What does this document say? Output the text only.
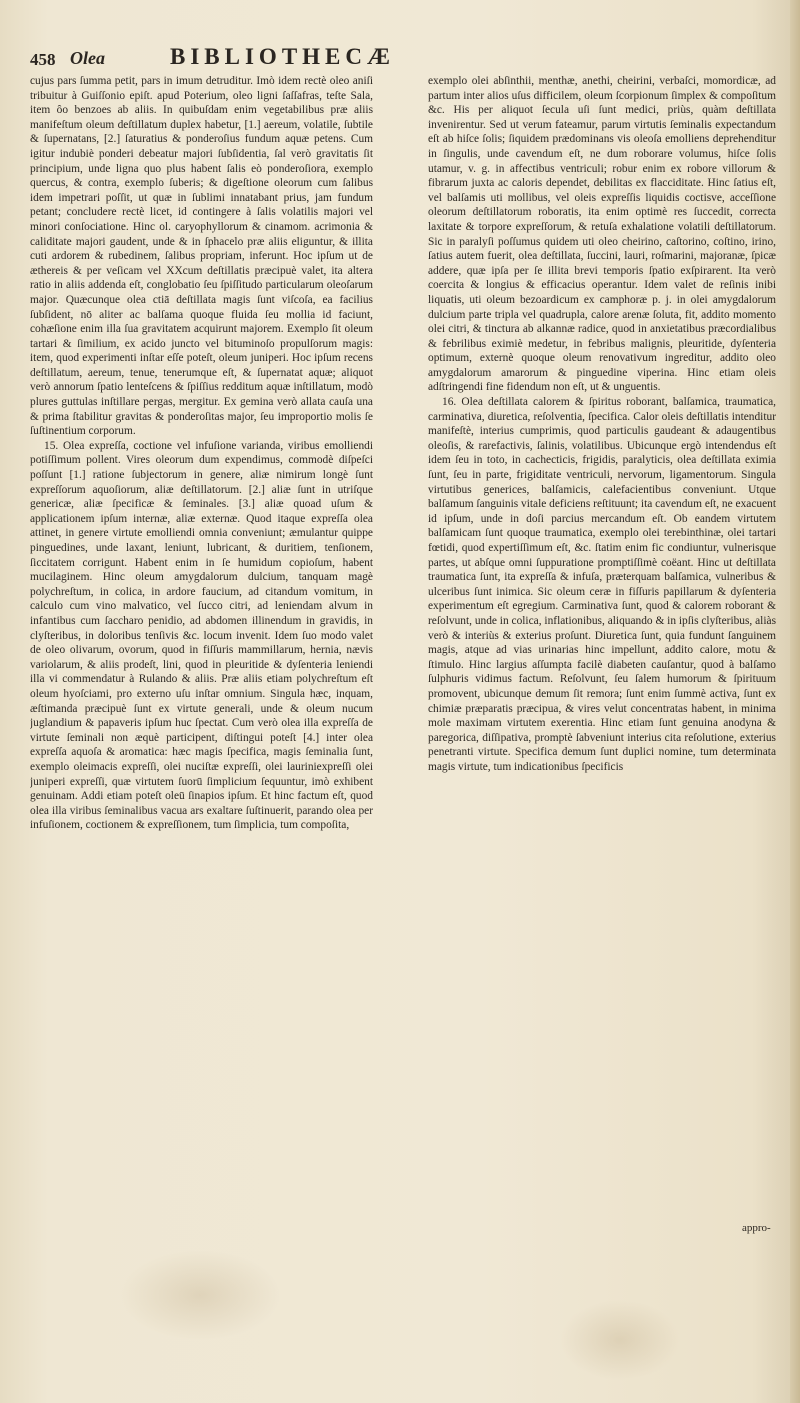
458 Olea	BIBLIOTHECÆ

cujus pars ſumma petit, pars in imum detruditur. Imò idem rectè oleo aniſi tribuitur à Guiſſonio epiſt. apud Poterium, oleo ligni ſaſſafras, teſte Sala, item ôo benzoes ab aliis. In quibuſdam enim vegetabilibus præ aliis manifeſtum oleum deſtillatum duplex habetur, [1.] aereum, volatile, ſubtile & ſupernatans, [2.] ſaturatius & ponderoſius fundum aquæ petens. Cum igitur indubiè ponderi debeatur majori ſubſidentia, ſal verò gravitatis ſit principium, unde ligna quo plus habent ſalis eò ponderoſiora, exemplo quercus, & contra, exemplo ſuberis; & digeſtione oleorum cum ſalibus idem impetrari poſſit, ut quæ in ſublimi innatabant prius, jam fundum petant; concludere rectè licet, id contingere à ſalis volatilis majori vel minori conſociatione. Hinc ol. caryophyllorum & cinamom. acrimonia & caliditate majori gaudent, unde & in ſphacelo præ aliis eliguntur, & illita cuti ardorem & rubedinem, ſalibus propriam, inferunt. Hoc ipſum ut de æthereis & per veſicam vel XXcum deſtillatis præcipuè valet, ita altera ratio in aliis addenda eſt, conglobatio ſeu ſpiſſitudo particularum oleoſarum major. Quæcunque olea ctiā deſtillata magis ſunt viſcoſa, ea facilius ſubſident, nō aliter ac balſama quoque fluida ſeu mollia id faciunt, cohæſione enim illa ſua gravitatem acquirunt majorem. Exemplo ſit oleum tartari & ſimilium, ex acido juncto vel bituminoſo propulſorum magis: item, quod experimenti inſtar eſſe poteſt, oleum juniperi. Hoc ipſum recens deſtillatum, aereum, tenue, tenerumque eſt, & ſupernatat aquæ; aliquot verò annorum ſpatio lenteſcens & ſpiſſius redditum aquæ inſtillatum, modò plures guttulas inſtillare pergas, mergitur. Ex gemina verò allata cauſa una & prima ſtabilitur gravitas & ponderoſitas major, ſeu improportio molis ſe ſuſtinentium corporum.

15. Olea expreſſa, coctione vel infuſione varianda, viribus emolliendi potiſſimum pollent. Vires oleorum dum expendimus, commodè diſpeſci poſſunt [1.] ratione ſubjectorum in genere, aliæ nimirum longè ſunt expreſſorum aquoſiorum, aliæ deſtillatorum. [2.] aliæ ſunt in utriſque genericæ, aliæ ſpecificæ & ſeminales. [3.] aliæ quoad uſum & applicationem ipſum internæ, aliæ externæ. Quod itaque expreſſa olea attinet, in genere virtute emolliendi omnia conveniunt; æmulantur quippe pinguedines, unde laxant, leniunt, lubricant, & duritiem, tenſionem, ſiccitatem corrigunt. Habent enim in ſe humidum copioſum, habent mucilaginem. Hinc oleum amygdalorum dulcium, tanquam magè polychreſtum, in colica, in ardore faucium, ad citandum vomitum, in calculo cum vino malvatico, vel ſucco citri, ad leniendam alvum in infantibus cum ſaccharo penidio, ad abdomen illinendum in gravidis, in clyſteribus, in doloribus tenſivis &c. locum invenit. Idem ſuo modo valet de oleo olivarum, ovorum, quod in fiſſuris mammillarum, hernia, nævis variolarum, & aliis prodeſt, lini, quod in pleuritide & dyſenteria leniendi illa vi commendatur à Rulando & aliis. Præ aliis etiam polychreſtum eſt oleum hyoſciami, pro externo uſu inſtar omnium. Singula hæc, inquam, æſtimanda præcipuè ſunt ex virtute generali, unde & oleum nucum juglandium & papaveris ipſum huc ſpectat. Cum verò olea illa expreſſa de virtute ſeminali non æquè participent, diſtingui poteſt [4.] inter olea expreſſa aquoſa & aromatica: hæc magis ſpecifica, magis ſeminalia ſunt, exemplo oleimacis expreſſi, olei nuciſtæ expreſſi, olei lauriniexpreſſi olei juniperi expreſſi, quæ virtutem ſuorū ſimplicium ſequuntur, imò exhibent genuinam. Addi etiam poteſt oleū ſinapios ipſum. Et hinc factum eſt, quod olea illa viribus ſeminalibus vacua ars exaltare ſuſtinuerit, parando olea per infuſionem, coctionem & expreſſionem, tum ſimplicia, tum compoſita,

exemplo olei abſinthii, menthæ, anethi, cheirini, verbaſci, momordicæ, ad partum inter alios uſus difficilem, oleum ſcorpionum ſimplex & compoſitum &c. His per aliquot ſecula uſi ſunt medici, priùs, quàm deſtillata invenirentur. Sed ut verum fateamur, parum virtutis ſeminalis expectandum eſt ab hiſce ſolis; ſiquidem prædominans vis oleoſa emolliens deprehenditur in ſingulis, unde cavendum eſt, ne dum roborare volumus, hiſce ſolis utamur, v. g. in affectibus ventriculi; robur enim ex robore villorum & fibrarum juxta ac caloris dependet, debilitas ex flacciditate. Hinc ſatius eſt, vel balſamis uti mollibus, vel oleis expreſſis liquidis coctisve, acceſſione oleorum deſtillatorum roboratis, ita enim optimè res ſuccedit, correcta laxitate & torpore expreſſorum, & retuſa exhalatione volatili deſtillatorum. Sic in paralyſi poſſumus quidem uti oleo cheirino, caſtorino, coſtino, irino, ſatius autem fuerit, olea deſtillata, ſuccini, lauri, roſmarini, majoranæ, ſpicæ addere, quæ ipſa per ſe illita brevi temporis ſpatio exſpirarent. Ita verò coercita & longius & efficacius operantur. Idem valet de reſinis inibi liquatis, uti oleum bezoardicum ex camphoræ p. j. in olei amygdalorum dulcium parte tripla vel quadrupla, calore arenæ ſoluta, fit, addito momento olei citri, & tinctura ab alkannæ radice, quod in anxietatibus præcordialibus & febrilibus eximiè medetur, in febribus malignis, pleuritide, dyſenteria optimum, externè quoque oleum renovativum ingreditur, addito oleo amygdalorum amarorum & pinguedine viperina. Hinc etiam oleis adſtringendi fine fidendum non eſt, ut & unguentis.

16. Olea deſtillata calorem & ſpiritus roborant, balſamica, traumatica, carminativa, diuretica, reſolventia, ſpecifica. Calor oleis deſtillatis intenditur manifeſtè, interius cumprimis, quod particulis gaudeant & adaugentibus oleoſis, & rarefactivis, ſalinis, volatilibus. Ubicunque ergò intendendus eſt idem ſeu in toto, in cachecticis, frigidis, paralyticis, olea deſtillata eximia ſunt, ſeu in parte, frigiditate ventriculi, nervorum, ligamentorum. Singula virtutibus generices, balſamicis, calefacientibus conveniunt. Utque balſamum ſanguinis vitale deficiens reſtituunt; ita cavendum eſt, ne exacuent id ipſum, unde in doſi parcius mercandum eſt. Ob eandem virtutem balſamicam ſunt quoque traumatica, exemplo olei terebinthinæ, olei tartari fœtidi, quod expertiſſimum eſt, &c. ſtatim enim fic condiuntur, vulnerisque partes, ut abſque omni ſuppuratione promptiſſimè coëant. Hinc ut deſtillata traumatica ſunt, ita expreſſa & infuſa, præterquam balſamica, vulneribus & ulceribus ſunt inimica. Sic oleum ceræ in fiſſuris papillarum & dyſenteria experimentum eſt egregium. Carminativa ſunt, quod & calorem roborant & reſolvunt, unde in colica, inflationibus, aliquando & in ipſis clyſteribus, aliàs verò & interiùs & exterius proſunt. Diuretica ſunt, quia fundunt ſanguinem magis, atque ad vias urinarias hinc impellunt, addito calore, motu & ſtimulo. Hinc largius aſſumpta facilè diabeten cauſantur, quod à balſamo ſulphuris vidimus factum. Reſolvunt, ſeu ſalem humorum & ſpirituum promovent, ubicunque demum ſit remora; ſunt enim ſummè activa, ſunt ex chimiæ præparatis præcipua, & vires velut concentratas habent, in minima mole maximam virtutem exerentia. Hinc etiam ſunt genuina anodyna & paregorica, diſſipativa, promptè ſabveniunt interius cita reſolutione, exterius penetranti virtute. Specifica demum ſunt duplici nomine, tum determinata magis virtute, tum indicationibus ſpecificis

appro-
